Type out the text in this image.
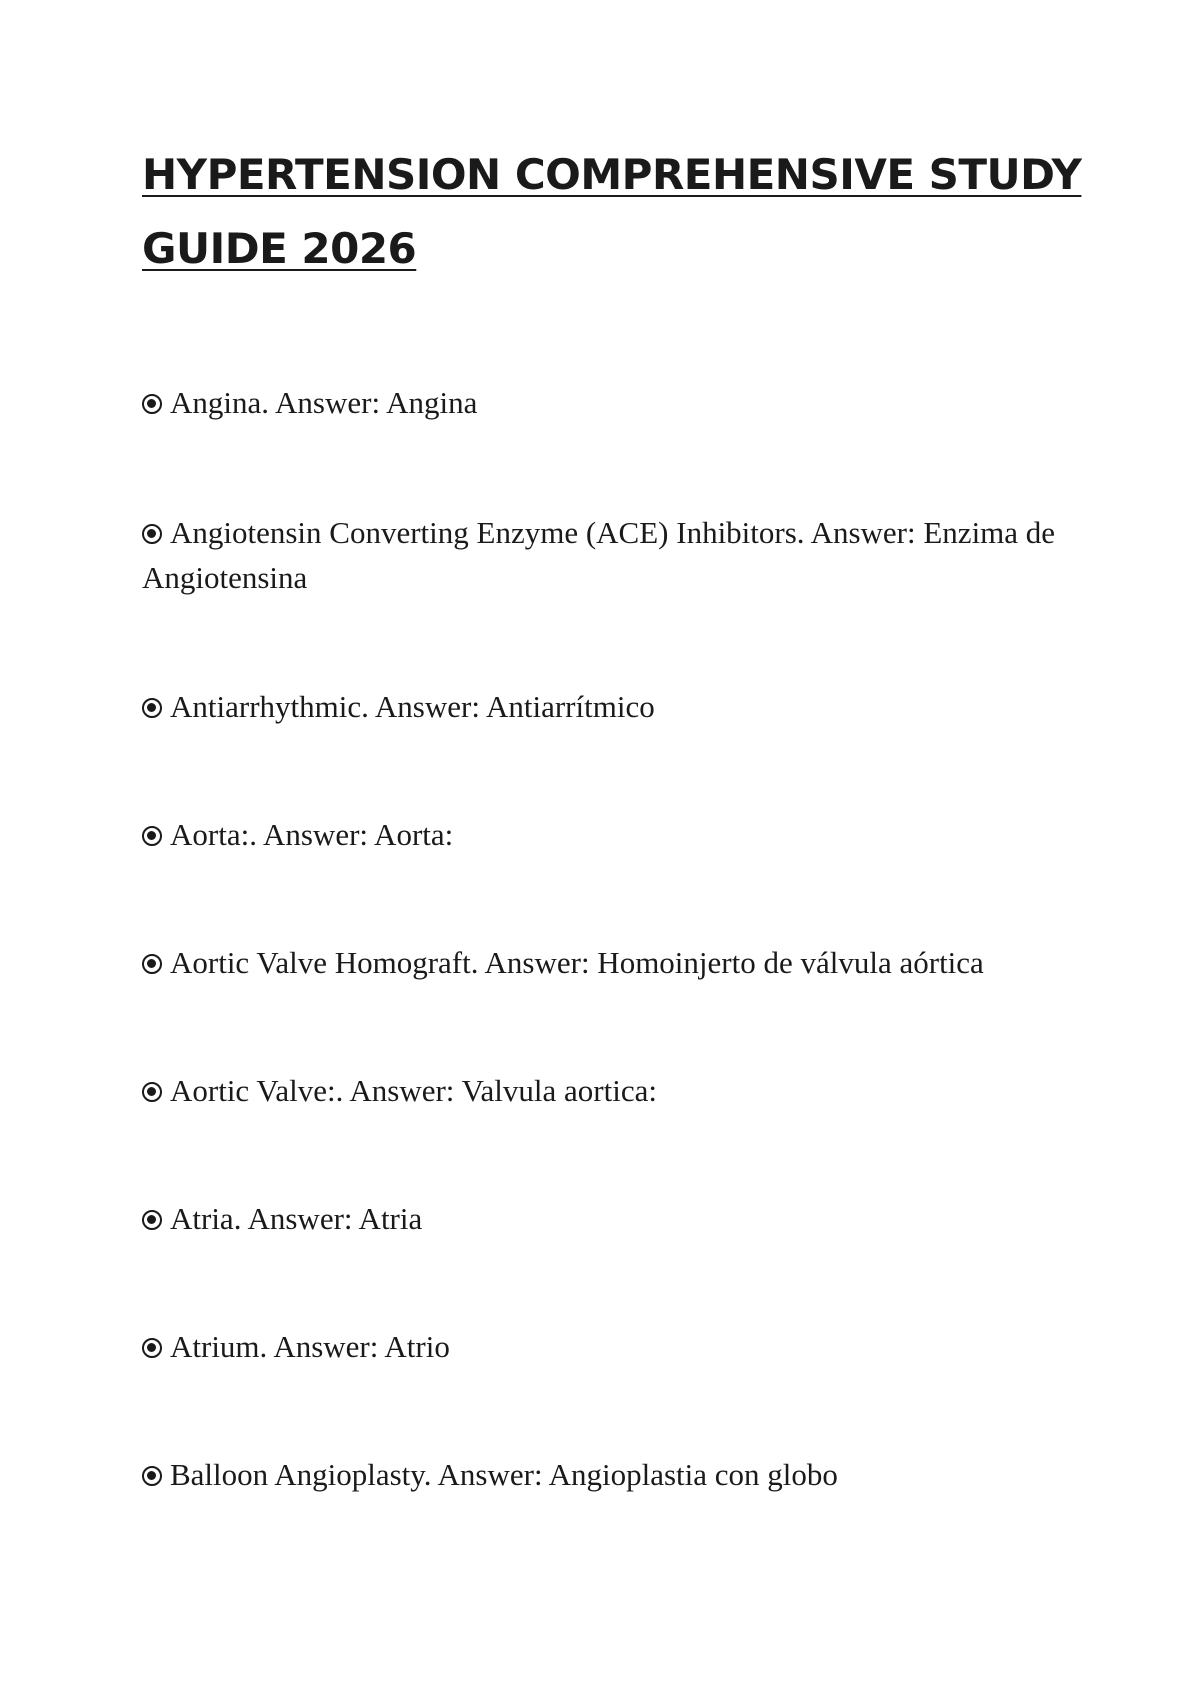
HYPERTENSION COMPREHENSIVE STUDY
GUIDE 2026
Angina. Answer: Angina
Angiotensin Converting Enzyme (ACE) Inhibitors. Answer: Enzima de Angiotensina
Antiarrhythmic. Answer: Antiarrítmico
Aorta:. Answer: Aorta:
Aortic Valve Homograft. Answer: Homoinjerto de válvula aórtica
Aortic Valve:. Answer: Valvula aortica:
Atria. Answer: Atria
Atrium. Answer: Atrio
Balloon Angioplasty. Answer: Angioplastia con globo
